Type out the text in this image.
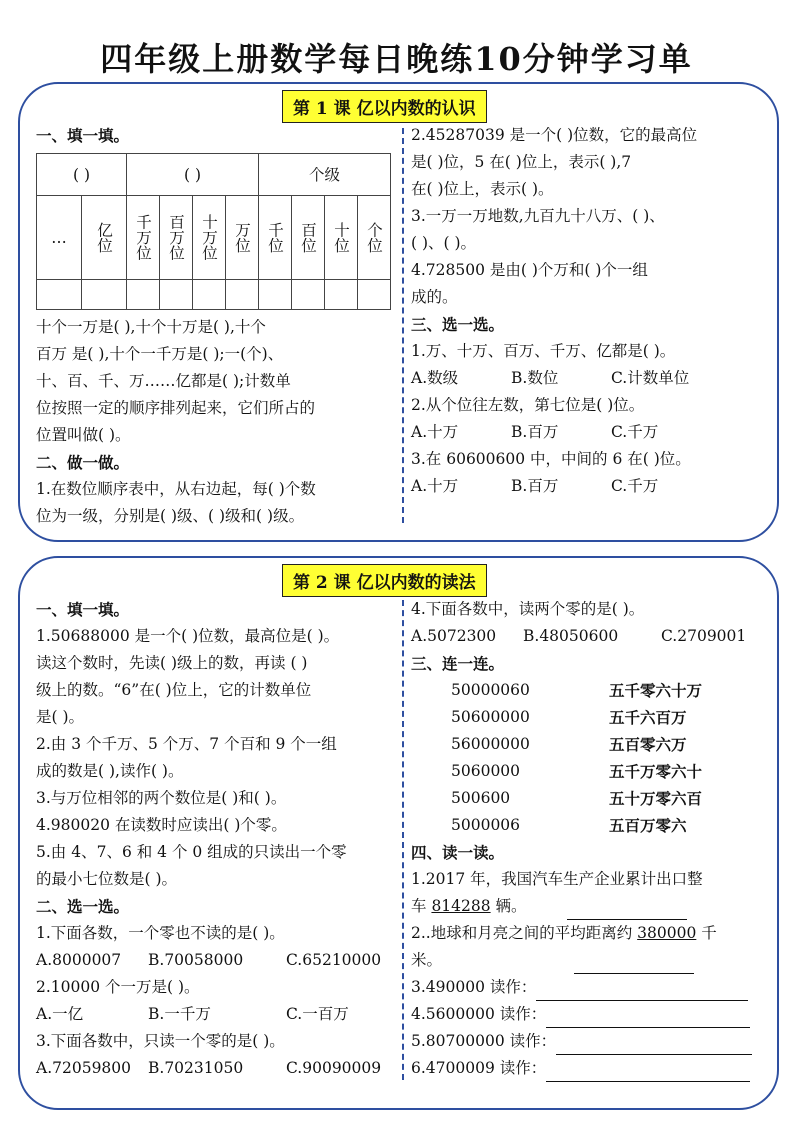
四年级上册数学每日晚练10分钟学习单
第 1 课 亿以内数的认识
一、填一填。
( )		( )				个级			
…	亿位	千万位	百万位	十万位	万位	千位	百位	十位	个位

十个一万是( ),十个十万是( ),十个
百万 是( ),十个一千万是( );一(个)、
十、百、千、万……亿都是( );计数单
位按照一定的顺序排列起来，它们所占的
位置叫做( )。
二、做一做。
1.在数位顺序表中，从右边起，每( )个数
位为一级，分别是( )级、( )级和( )级。
2.45287039 是一个( )位数，它的最高位
是( )位，5 在( )位上，表示( ),7
在( )位上，表示( )。
3.一万一万地数,九百九十八万、( )、
( )、( )。
4.728500 是由( )个万和( )个一组
成的。
三、选一选。
1.万、十万、百万、千万、亿都是( )。
A.数级	B.数位	C.计数单位
2.从个位往左数，第七位是( )位。
A.十万	B.百万	C.千万
3.在 60600600 中，中间的 6 在( )位。
A.十万	B.百万	C.千万
第 2 课 亿以内数的读法
一、填一填。
1.50688000 是一个( )位数，最高位是( )。
读这个数时，先读( )级上的数，再读 ( )
级上的数。“6”在( )位上，它的计数单位
是( )。
2.由 3 个千万、5 个万、7 个百和 9 个一组
成的数是( ),读作( )。
3.与万位相邻的两个数位是( )和( )。
4.980020 在读数时应读出( )个零。
5.由 4、7、6 和 4 个 0 组成的只读出一个零
的最小七位数是( )。
二、选一选。
1.下面各数，一个零也不读的是( )。
A.8000007 B.70058000	C.65210000
2.10000 个一万是( )。
A.一亿	B.一千万	C.一百万
3.下面各数中，只读一个零的是( )。
A.72059800 B.70231050	C.90090009
4.下面各数中，读两个零的是( )。
A.5072300 B.48050600	C.2709001
三、连一连。
50000060	五千零六十万
50600000	五千六百万
56000000	五百零六万
5060000	五千万零六十
500600	五十万零六百
5000006	五百万零六
四、读一读。
1.2017 年，我国汽车生产企业累计出口整
车 814288 辆。
2..地球和月亮之间的平均距离约 380000 千
米。
3.490000 读作：
4.5600000 读作：
5.80700000 读作：
6.4700009 读作：
